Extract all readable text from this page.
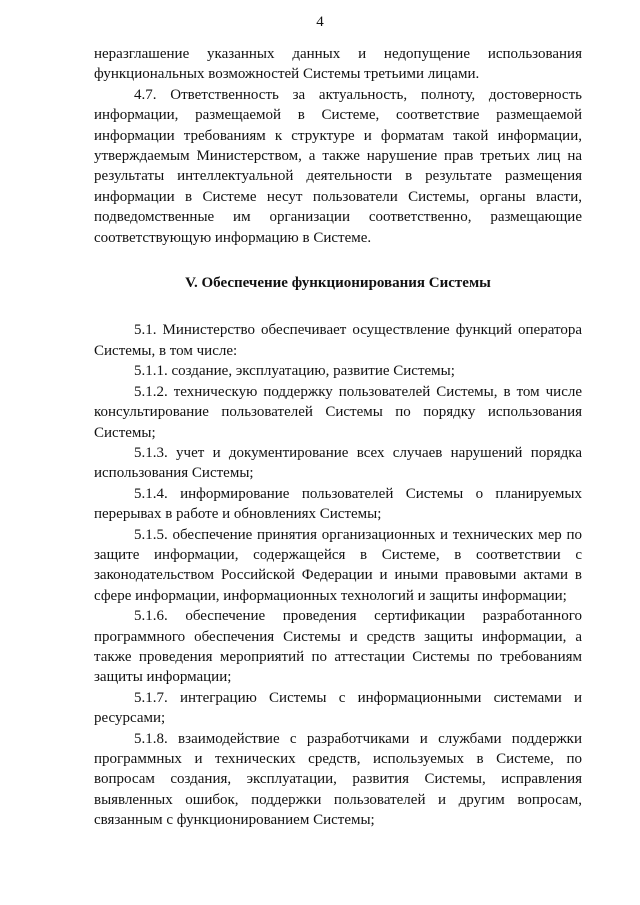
4

неразглашение указанных данных и недопущение использования функциональных возможностей Системы третьими лицами.

4.7. Ответственность за актуальность, полноту, достоверность информации, размещаемой в Системе, соответствие размещаемой информации требованиям к структуре и форматам такой информации, утверждаемым Министерством, а также нарушение прав третьих лиц на результаты интеллектуальной деятельности в результате размещения информации в Системе несут пользователи Системы, органы власти, подведомственные им организации соответственно, размещающие соответствующую информацию в Системе.

V. Обеспечение функционирования Системы

5.1. Министерство обеспечивает осуществление функций оператора Системы, в том числе:

5.1.1. создание, эксплуатацию, развитие Системы;

5.1.2. техническую поддержку пользователей Системы, в том числе консультирование пользователей Системы по порядку использования Системы;

5.1.3. учет и документирование всех случаев нарушений порядка использования Системы;

5.1.4. информирование пользователей Системы о планируемых перерывах в работе и обновлениях Системы;

5.1.5. обеспечение принятия организационных и технических мер по защите информации, содержащейся в Системе, в соответствии с законодательством Российской Федерации и иными правовыми актами в сфере информации, информационных технологий и защиты информации;

5.1.6. обеспечение проведения сертификации разработанного программного обеспечения Системы и средств защиты информации, а также проведения мероприятий по аттестации Системы по требованиям защиты информации;

5.1.7. интеграцию Системы с информационными системами и ресурсами;

5.1.8. взаимодействие с разработчиками и службами поддержки программных и технических средств, используемых в Системе, по вопросам создания, эксплуатации, развития Системы, исправления выявленных ошибок, поддержки пользователей и другим вопросам, связанным с функционированием Системы;
